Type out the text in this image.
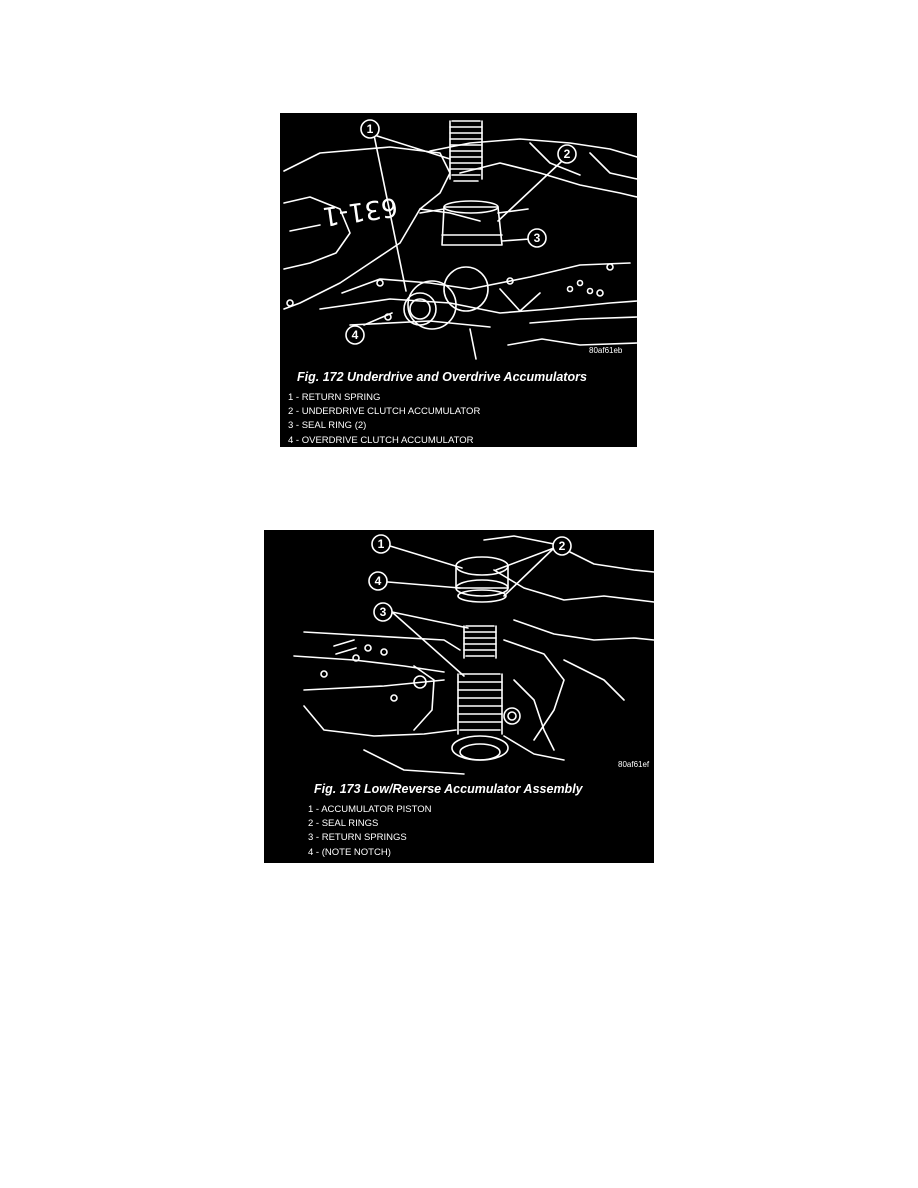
631-1
1
2
3
4
80af61eb
Fig. 172 Underdrive and Overdrive Accumulators
1 - RETURN SPRING
2 - UNDERDRIVE CLUTCH ACCUMULATOR
3 - SEAL RING (2)
4 - OVERDRIVE CLUTCH ACCUMULATOR
1	2
3
4
80af61ef
Fig. 173 Low/Reverse Accumulator Assembly
1 - ACCUMULATOR PISTON
2 - SEAL RINGS
3 - RETURN SPRINGS
4 - (NOTE NOTCH)
